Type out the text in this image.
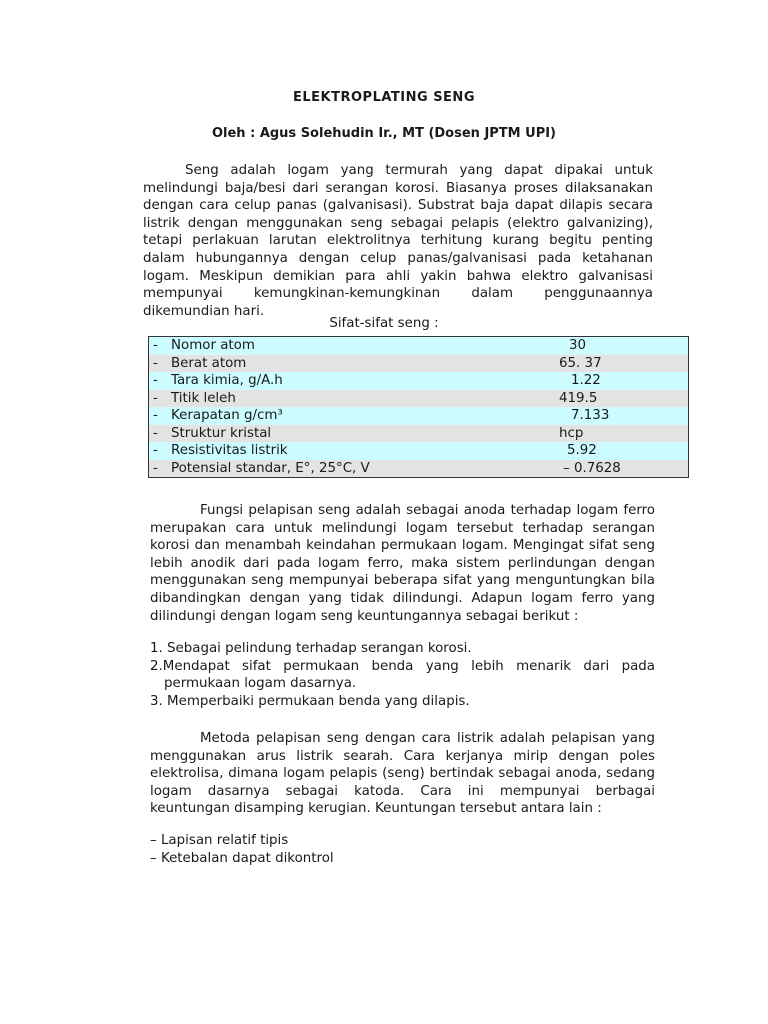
ELEKTROPLATING SENG
Oleh : Agus Solehudin Ir., MT (Dosen JPTM UPI)

Seng adalah logam yang termurah yang dapat dipakai untuk melindungi baja/besi dari serangan korosi. Biasanya proses dilaksanakan dengan cara celup panas (galvanisasi). Substrat baja dapat dilapis secara listrik dengan menggunakan seng sebagai pelapis (elektro galvanizing), tetapi perlakuan larutan elektrolitnya terhitung kurang begitu penting dalam hubungannya dengan celup panas/galvanisasi pada ketahanan logam. Meskipun demikian para ahli yakin bahwa elektro galvanisasi mempunyai kemungkinan-kemungkinan dalam penggunaannya dikemundian hari.

Sifat-sifat seng :
-	Nomor atom	30
-	Berat atom	65. 37
-	Tara kimia, g/A.h	1.22
-	Titik leleh	419.5
-	Kerapatan g/cm³	7.133
-	Struktur kristal	hcp
-	Resistivitas listrik	5.92
-	Potensial standar, E°, 25°C, V	– 0.7628

Fungsi pelapisan seng adalah sebagai anoda terhadap logam ferro merupakan cara untuk melindungi logam tersebut terhadap serangan korosi dan menambah keindahan permukaan logam. Mengingat sifat seng lebih anodik dari pada logam ferro, maka sistem perlindungan dengan menggunakan seng mempunyai beberapa sifat yang menguntungkan bila dibandingkan dengan yang tidak dilindungi. Adapun logam ferro yang dilindungi dengan logam seng keuntungannya sebagai berikut :

1. Sebagai pelindung terhadap serangan korosi.
2.Mendapat sifat permukaan benda yang lebih menarik dari pada
permukaan logam dasarnya.
3. Memperbaiki permukaan benda yang dilapis.

Metoda pelapisan seng dengan cara listrik adalah pelapisan yang menggunakan arus listrik searah. Cara kerjanya mirip dengan poles elektrolisa, dimana logam pelapis (seng) bertindak sebagai anoda, sedang logam dasarnya sebagai katoda. Cara ini mempunyai berbagai keuntungan disamping kerugian. Keuntungan tersebut antara lain :

– Lapisan relatif tipis
– Ketebalan dapat dikontrol
